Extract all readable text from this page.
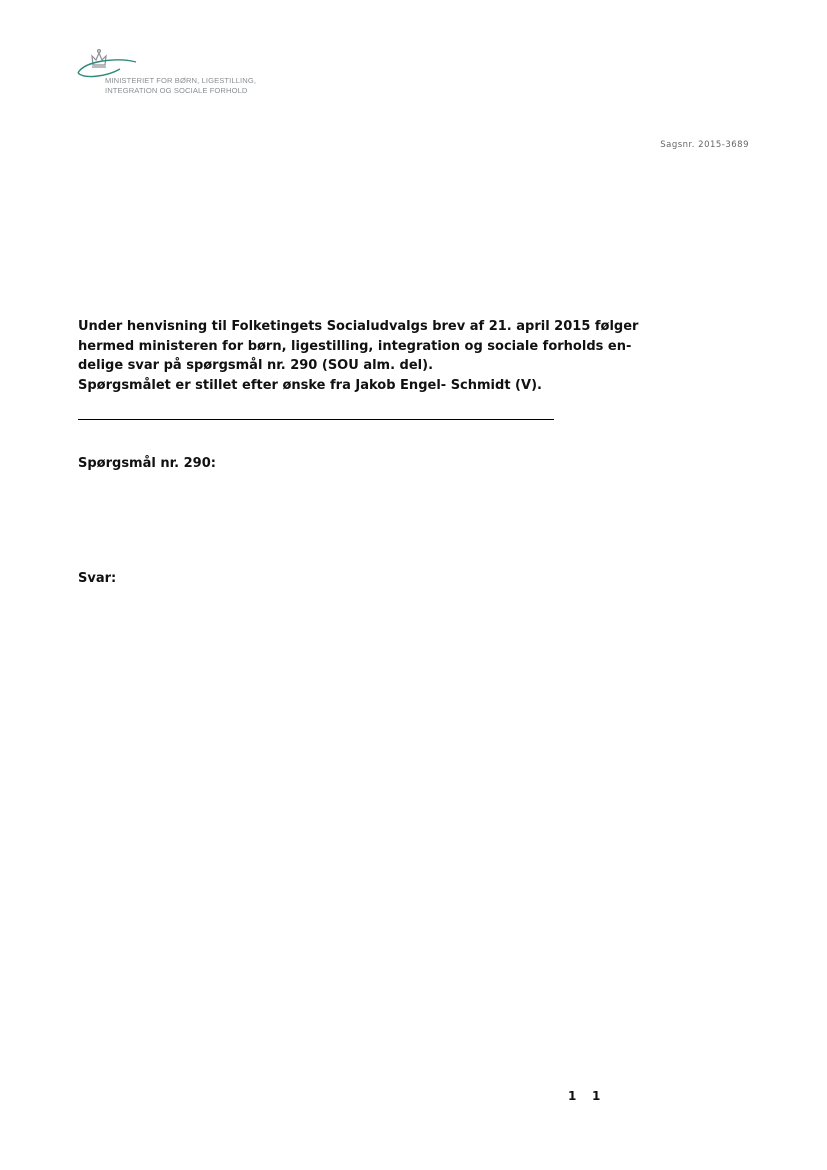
MINISTERIET FOR BØRN, LIGESTILLING,
INTEGRATION OG SOCIALE FORHOLD
Sagsnr. 2015-3689
Under henvisning til Folketingets Socialudvalgs brev af 21. april 2015 følger
hermed ministeren for børn, ligestilling, integration og sociale forholds en-
delige svar på spørgsmål nr. 290 (SOU alm. del).
Spørgsmålet er stillet efter ønske fra Jakob Engel- Schmidt (V).
Spørgsmål nr. 290:
Svar:
1 1
